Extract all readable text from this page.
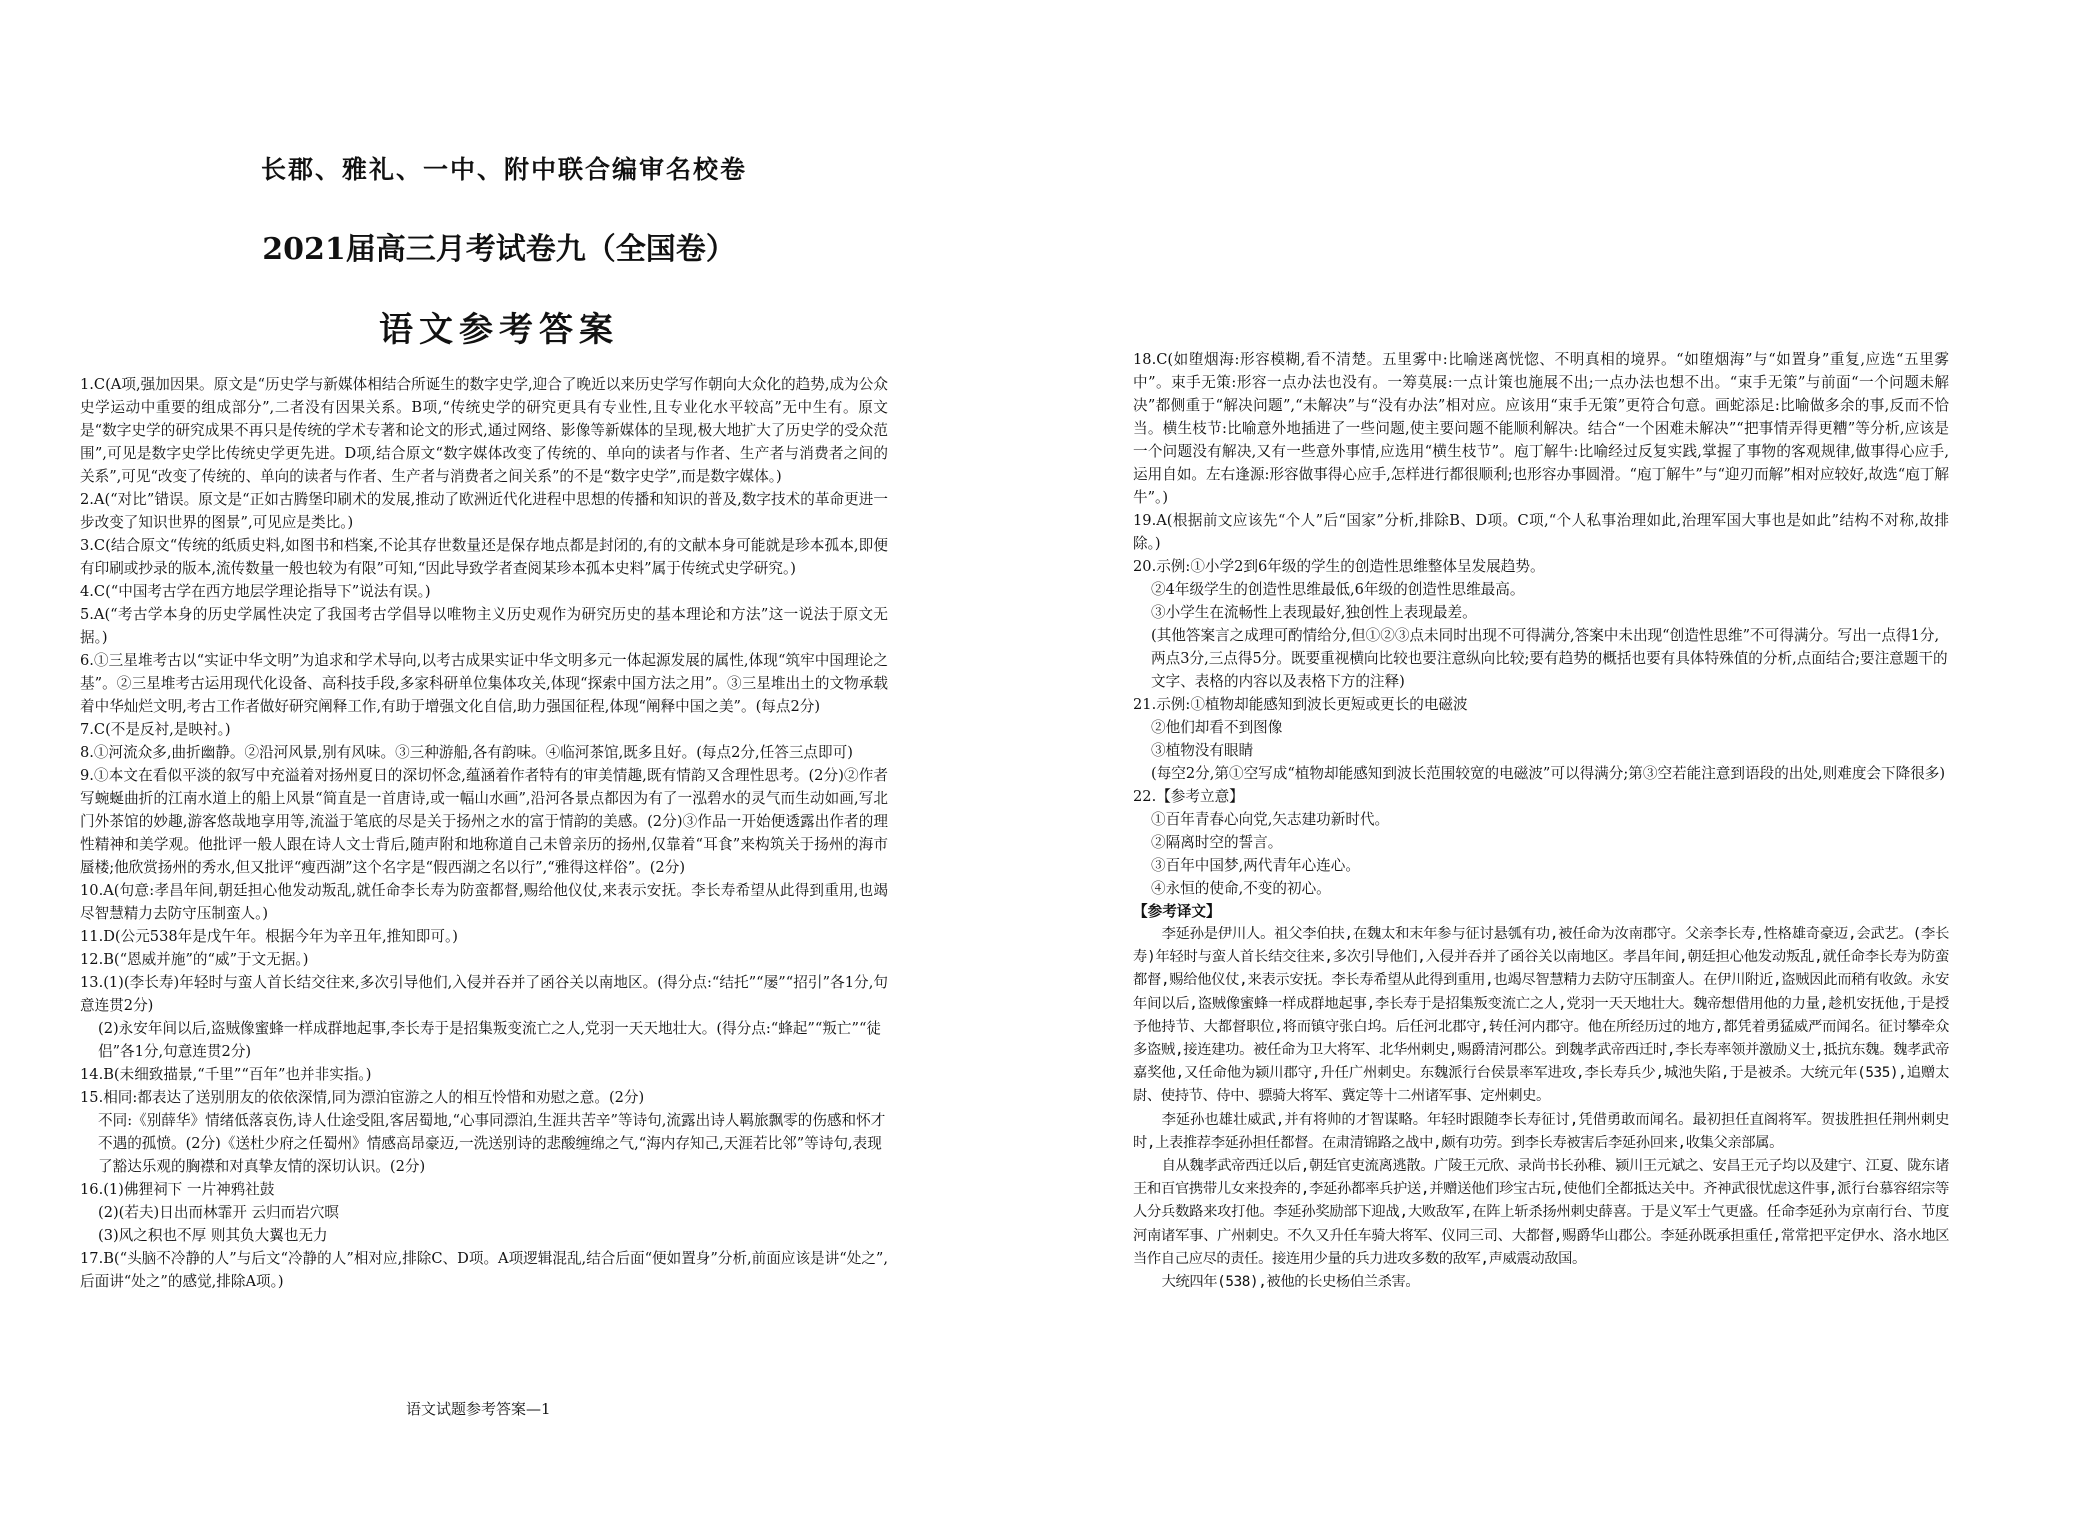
长郡、雅礼、一中、附中联合编审名校卷
2021届高三月考试卷九（全国卷）
语文参考答案

1.C(A项,强加因果。原文是“历史学与新媒体相结合所诞生的数字史学,迎合了晚近以来历史学写作朝向大众化的趋势,成为公众史学运动中重要的组成部分”,二者没有因果关系。B项,“传统史学的研究更具有专业性,且专业化水平较高”无中生有。原文是“数字史学的研究成果不再只是传统的学术专著和论文的形式,通过网络、影像等新媒体的呈现,极大地扩大了历史学的受众范围”,可见是数字史学比传统史学更先进。D项,结合原文“数字媒体改变了传统的、单向的读者与作者、生产者与消费者之间的关系”,可见“改变了传统的、单向的读者与作者、生产者与消费者之间关系”的不是“数字史学”,而是数字媒体。)

2.A(“对比”错误。原文是“正如古腾堡印刷术的发展,推动了欧洲近代化进程中思想的传播和知识的普及,数字技术的革命更进一步改变了知识世界的图景”,可见应是类比。)

3.C(结合原文“传统的纸质史料,如图书和档案,不论其存世数量还是保存地点都是封闭的,有的文献本身可能就是珍本孤本,即便有印刷或抄录的版本,流传数量一般也较为有限”可知,“因此导致学者查阅某珍本孤本史料”属于传统式史学研究。)

4.C(“中国考古学在西方地层学理论指导下”说法有误。)

5.A(“考古学本身的历史学属性决定了我国考古学倡导以唯物主义历史观作为研究历史的基本理论和方法”这一说法于原文无据。)

6.①三星堆考古以“实证中华文明”为追求和学术导向,以考古成果实证中华文明多元一体起源发展的属性,体现“筑牢中国理论之基”。②三星堆考古运用现代化设备、高科技手段,多家科研单位集体攻关,体现“探索中国方法之用”。③三星堆出土的文物承载着中华灿烂文明,考古工作者做好研究阐释工作,有助于增强文化自信,助力强国征程,体现“阐释中国之美”。(每点2分)

7.C(不是反衬,是映衬。)

8.①河流众多,曲折幽静。②沿河风景,别有风味。③三种游船,各有韵味。④临河茶馆,既多且好。(每点2分,任答三点即可)

9.①本文在看似平淡的叙写中充溢着对扬州夏日的深切怀念,蕴涵着作者特有的审美情趣,既有情韵又含理性思考。(2分)②作者写蜿蜒曲折的江南水道上的船上风景“简直是一首唐诗,或一幅山水画”,沿河各景点都因为有了一泓碧水的灵气而生动如画,写北门外茶馆的妙趣,游客悠哉地享用等,流溢于笔底的尽是关于扬州之水的富于情韵的美感。(2分)③作品一开始便透露出作者的理性精神和美学观。他批评一般人跟在诗人文士背后,随声附和地称道自己未曾亲历的扬州,仅靠着“耳食”来构筑关于扬州的海市蜃楼;他欣赏扬州的秀水,但又批评“瘦西湖”这个名字是“假西湖之名以行”,“雅得这样俗”。(2分)

10.A(句意:孝昌年间,朝廷担心他发动叛乱,就任命李长寿为防蛮都督,赐给他仪仗,来表示安抚。李长寿希望从此得到重用,也竭尽智慧精力去防守压制蛮人。)

11.D(公元538年是戊午年。根据今年为辛丑年,推知即可。)

12.B(“恩威并施”的“威”于文无据。)

13.(1)(李长寿)年轻时与蛮人首长结交往来,多次引导他们,入侵并吞并了函谷关以南地区。(得分点:“结托”“屡”“招引”各1分,句意连贯2分)

(2)永安年间以后,盗贼像蜜蜂一样成群地起事,李长寿于是招集叛变流亡之人,党羽一天天地壮大。(得分点:“蜂起”“叛亡”“徒侣”各1分,句意连贯2分)

14.B(未细致描景,“千里”“百年”也并非实指。)

15.相同:都表达了送别朋友的依依深情,同为漂泊宦游之人的相互怜惜和劝慰之意。(2分)

不同:《别薛华》情绪低落哀伤,诗人仕途受阻,客居蜀地,“心事同漂泊,生涯共苦辛”等诗句,流露出诗人羁旅飘零的伤感和怀才不遇的孤愤。(2分)《送杜少府之任蜀州》情感高昂豪迈,一洗送别诗的悲酸缠绵之气,“海内存知己,天涯若比邻”等诗句,表现了豁达乐观的胸襟和对真挚友情的深切认识。(2分)

16.(1)佛狸祠下 一片神鸦社鼓

(2)(若夫)日出而林霏开 云归而岩穴暝

(3)风之积也不厚 则其负大翼也无力

17.B(“头脑不冷静的人”与后文“冷静的人”相对应,排除C、D项。A项逻辑混乱,结合后面“便如置身”分析,前面应该是讲“处之”,后面讲“处之”的感觉,排除A项。)

语文试题参考答案—1

18.C(如堕烟海:形容模糊,看不清楚。五里雾中:比喻迷离恍惚、不明真相的境界。“如堕烟海”与“如置身”重复,应选“五里雾中”。束手无策:形容一点办法也没有。一筹莫展:一点计策也施展不出;一点办法也想不出。“束手无策”与前面“一个问题未解决”都侧重于“解决问题”,“未解决”与“没有办法”相对应。应该用“束手无策”更符合句意。画蛇添足:比喻做多余的事,反而不恰当。横生枝节:比喻意外地插进了一些问题,使主要问题不能顺利解决。结合“一个困难未解决”“把事情弄得更糟”等分析,应该是一个问题没有解决,又有一些意外事情,应选用“横生枝节”。庖丁解牛:比喻经过反复实践,掌握了事物的客观规律,做事得心应手,运用自如。左右逢源:形容做事得心应手,怎样进行都很顺利;也形容办事圆滑。“庖丁解牛”与“迎刃而解”相对应较好,故选“庖丁解牛”。)

19.A(根据前文应该先“个人”后“国家”分析,排除B、D项。C项,“个人私事治理如此,治理军国大事也是如此”结构不对称,故排除。)

20.示例:①小学2到6年级的学生的创造性思维整体呈发展趋势。

②4年级学生的创造性思维最低,6年级的创造性思维最高。

③小学生在流畅性上表现最好,独创性上表现最差。

(其他答案言之成理可酌情给分,但①②③点未同时出现不可得满分,答案中未出现“创造性思维”不可得满分。写出一点得1分,两点3分,三点得5分。既要重视横向比较也要注意纵向比较;要有趋势的概括也要有具体特殊值的分析,点面结合;要注意题干的文字、表格的内容以及表格下方的注释)

21.示例:①植物却能感知到波长更短或更长的电磁波

②他们却看不到图像

③植物没有眼睛

(每空2分,第①空写成“植物却能感知到波长范围较宽的电磁波”可以得满分;第③空若能注意到语段的出处,则难度会下降很多)

22.【参考立意】

①百年青春心向党,矢志建功新时代。

②隔离时空的誓言。

③百年中国梦,两代青年心连心。

④永恒的使命,不变的初心。

【参考译文】

李延孙是伊川人。祖父李伯扶,在魏太和末年参与征讨悬瓠有功,被任命为汝南郡守。父亲李长寿,性格雄奇豪迈,会武艺。(李长寿)年轻时与蛮人首长结交往来,多次引导他们,入侵并吞并了函谷关以南地区。孝昌年间,朝廷担心他发动叛乱,就任命李长寿为防蛮都督,赐给他仪仗,来表示安抚。李长寿希望从此得到重用,也竭尽智慧精力去防守压制蛮人。在伊川附近,盗贼因此而稍有收敛。永安年间以后,盗贼像蜜蜂一样成群地起事,李长寿于是招集叛变流亡之人,党羽一天天地壮大。魏帝想借用他的力量,趁机安抚他,于是授予他持节、大都督职位,将而镇守张白坞。后任河北郡守,转任河内郡守。他在所经历过的地方,都凭着勇猛威严而闻名。征讨攀牵众多盗贼,接连建功。被任命为卫大将军、北华州刺史,赐爵清河郡公。到魏孝武帝西迁时,李长寿率领并激励义士,抵抗东魏。魏孝武帝嘉奖他,又任命他为颍川郡守,升任广州刺史。东魏派行台侯景率军进攻,李长寿兵少,城池失陷,于是被杀。大统元年(535),追赠太尉、使持节、侍中、骠骑大将军、冀定等十二州诸军事、定州刺史。

李延孙也雄壮威武,并有将帅的才智谋略。年轻时跟随李长寿征讨,凭借勇敢而闻名。最初担任直阁将军。贺拔胜担任荆州刺史时,上表推荐李延孙担任都督。在肃清锦路之战中,颇有功劳。到李长寿被害后李延孙回来,收集父亲部属。

自从魏孝武帝西迁以后,朝廷官吏流离逃散。广陵王元欣、录尚书长孙稚、颍川王元斌之、安昌王元子均以及建宁、江夏、陇东诸王和百官携带儿女来投奔的,李延孙都率兵护送,并赠送他们珍宝古玩,使他们全都抵达关中。齐神武很忧虑这件事,派行台慕容绍宗等人分兵数路来攻打他。李延孙奖励部下迎战,大败敌军,在阵上斩杀扬州刺史薛喜。于是义军士气更盛。任命李延孙为京南行台、节度河南诸军事、广州刺史。不久又升任车骑大将军、仪同三司、大都督,赐爵华山郡公。李延孙既承担重任,常常把平定伊水、洛水地区当作自己应尽的责任。接连用少量的兵力进攻多数的敌军,声威震动敌国。

大统四年(538),被他的长史杨伯兰杀害。
